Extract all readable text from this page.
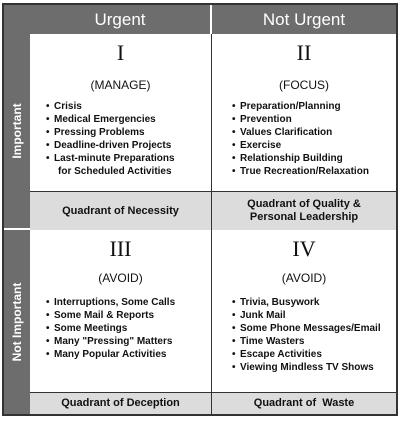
Urgent	Not Urgent
Important
Not Important
I
(MANAGE)
• Crisis
• Medical Emergencies
• Pressing Problems
• Deadline-driven Projects
• Last-minute Preparations
for Scheduled Activities
Quadrant of Necessity
II
(FOCUS)
• Preparation/Planning
• Prevention
• Values Clarification
• Exercise
• Relationship Building
• True Recreation/Relaxation
Quadrant of Quality &
Personal Leadership
III
(AVOID)
• Interruptions, Some Calls
• Some Mail & Reports
• Some Meetings
• Many "Pressing" Matters
• Many Popular Activities
Quadrant of Deception
IV
(AVOID)
• Trivia, Busywork
• Junk Mail
• Some Phone Messages/Email
• Time Wasters
• Escape Activities
• Viewing Mindless TV Shows
Quadrant of  Waste
